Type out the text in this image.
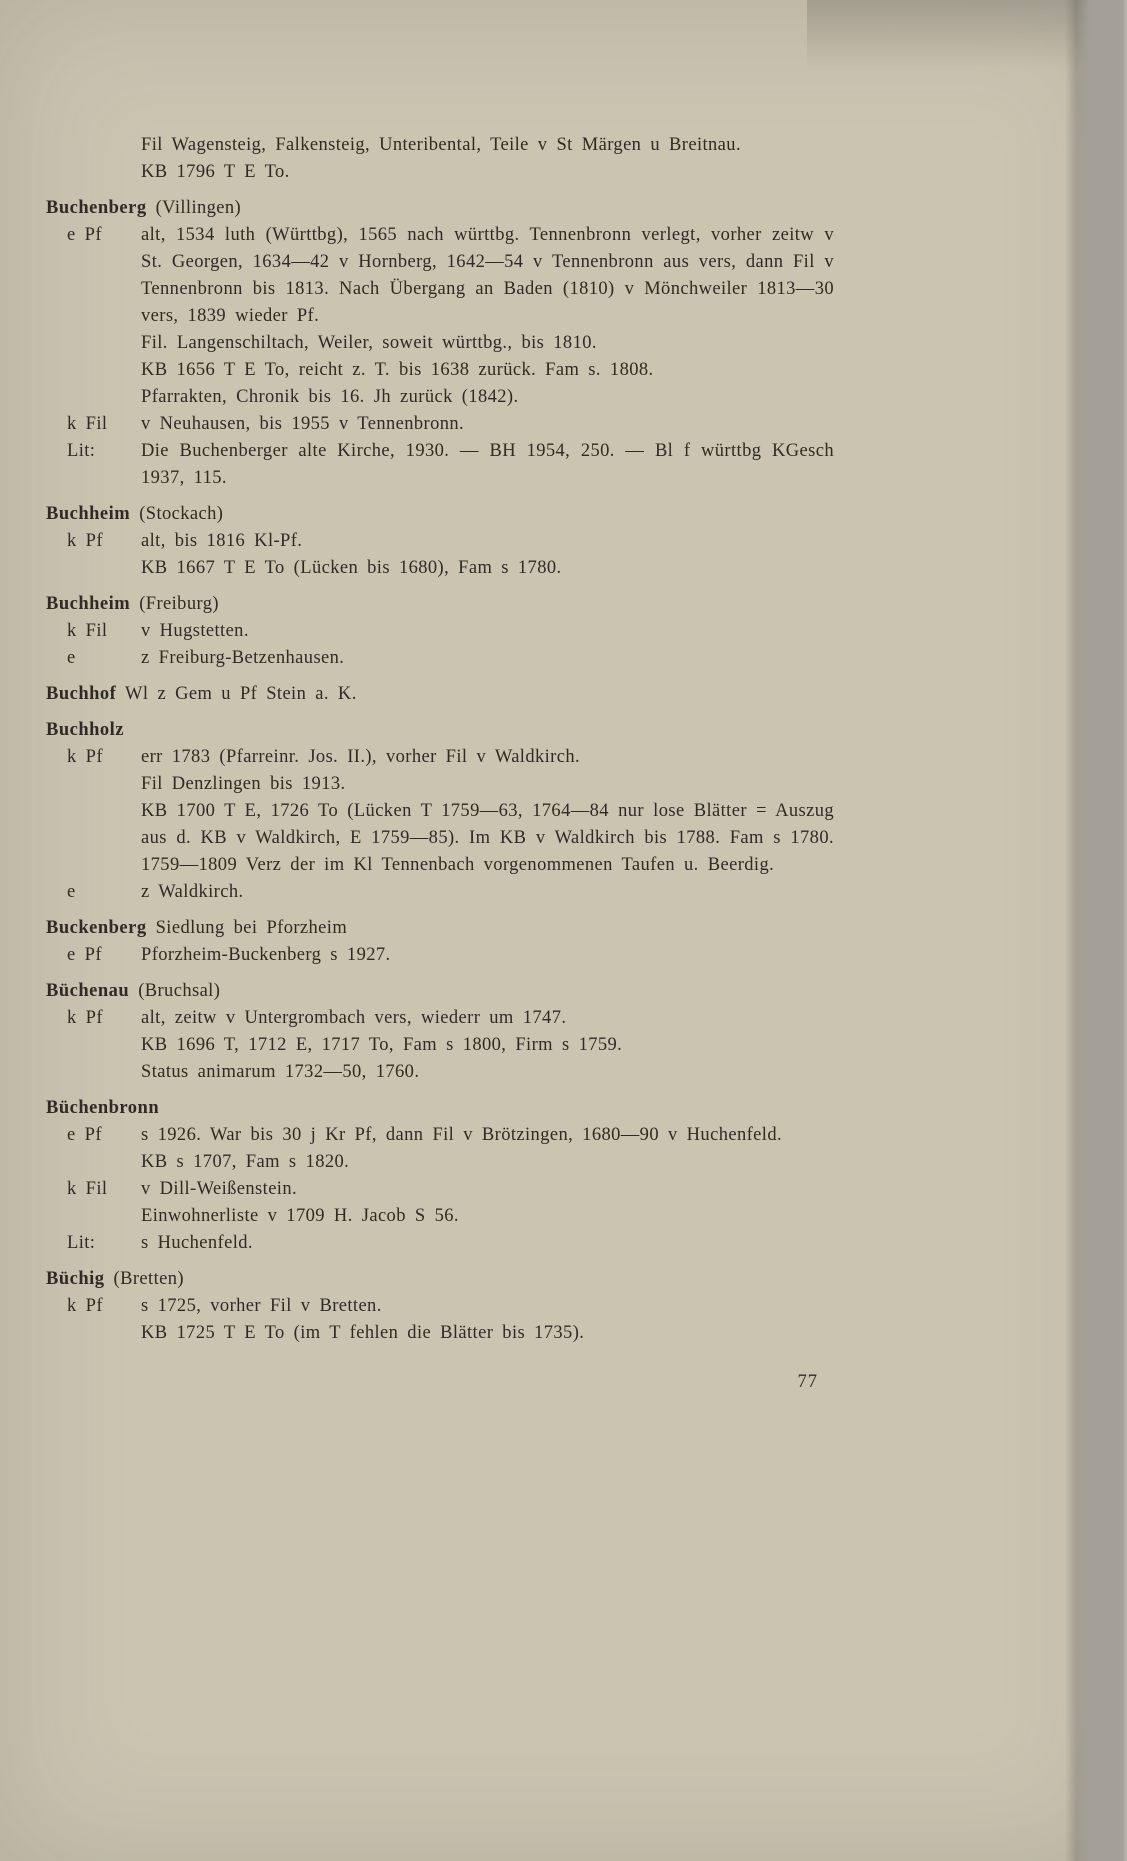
Fil Wagensteig, Falkensteig, Unteribental, Teile v St Märgen u Breitnau.

KB 1796 T E To.

Buchenberg (Villingen)
e Pf	alt, 1534 luth (Württbg), 1565 nach württbg. Tennenbronn verlegt, vorher zeitw v St. Georgen, 1634—42 v Hornberg, 1642—54 v Tennenbronn aus vers, dann Fil v Tennenbronn bis 1813. Nach Übergang an Baden (1810) v Mönchweiler 1813—30 vers, 1839 wieder Pf.

Fil. Langenschiltach, Weiler, soweit württbg., bis 1810.

KB 1656 T E To, reicht z. T. bis 1638 zurück. Fam s. 1808.

Pfarrakten, Chronik bis 16. Jh zurück (1842).

k Fil	v Neuhausen, bis 1955 v Tennenbronn.

Lit:	Die Buchenberger alte Kirche, 1930. — BH 1954, 250. — Bl f württbg KGesch 1937, 115.

Buchheim (Stockach)
k Pf	alt, bis 1816 Kl-Pf.

KB 1667 T E To (Lücken bis 1680), Fam s 1780.

Buchheim (Freiburg)
k Fil	v Hugstetten.

e	z Freiburg-Betzenhausen.

Buchhof Wl z Gem u Pf Stein a. K.
Buchholz
k Pf	err 1783 (Pfarreinr. Jos. II.), vorher Fil v Waldkirch.

Fil Denzlingen bis 1913.

KB 1700 T E, 1726 To (Lücken T 1759—63, 1764—84 nur lose Blätter = Auszug aus d. KB v Waldkirch, E 1759—85). Im KB v Waldkirch bis 1788. Fam s 1780. 1759—1809 Verz der im Kl Tennenbach vorgenommenen Taufen u. Beerdig.

e	z Waldkirch.

Buckenberg Siedlung bei Pforzheim
e Pf	Pforzheim-Buckenberg s 1927.

Büchenau (Bruchsal)
k Pf	alt, zeitw v Untergrombach vers, wiederr um 1747.

KB 1696 T, 1712 E, 1717 To, Fam s 1800, Firm s 1759.

Status animarum 1732—50, 1760.

Büchenbronn
e Pf	s 1926. War bis 30 j Kr Pf, dann Fil v Brötzingen, 1680—90 v Huchenfeld.

KB s 1707, Fam s 1820.

k Fil	v Dill-Weißenstein.

Einwohnerliste v 1709 H. Jacob S 56.

Lit:	s Huchenfeld.

Büchig (Bretten)
k Pf	s 1725, vorher Fil v Bretten.

KB 1725 T E To (im T fehlen die Blätter bis 1735).

77
